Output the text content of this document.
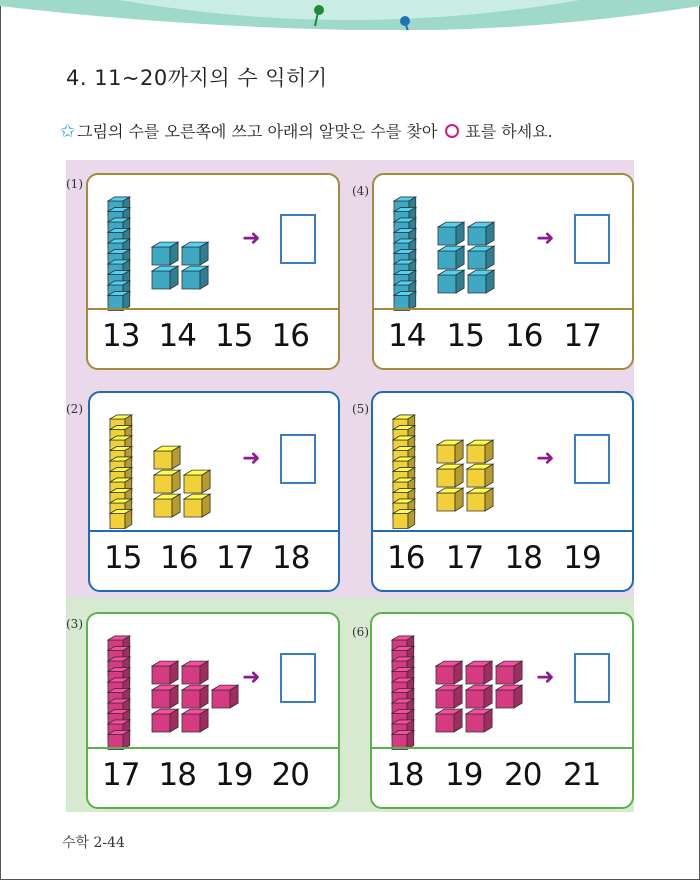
4. 11~20까지의 수 익히기
✩ 그림의 수를 오른쪽에 쓰고 아래의 알맞은 수를 찾아 ○ 표를 하세요.
➜
13 14 15 16
(1)
➜
14 15 16 17
(4)
➜
15 16 17 18
(2)
➜
16 17 18 19
(5)
➜
17 18 19 20
(3)
➜
18 19 20 21
(6)
수학 2-44
